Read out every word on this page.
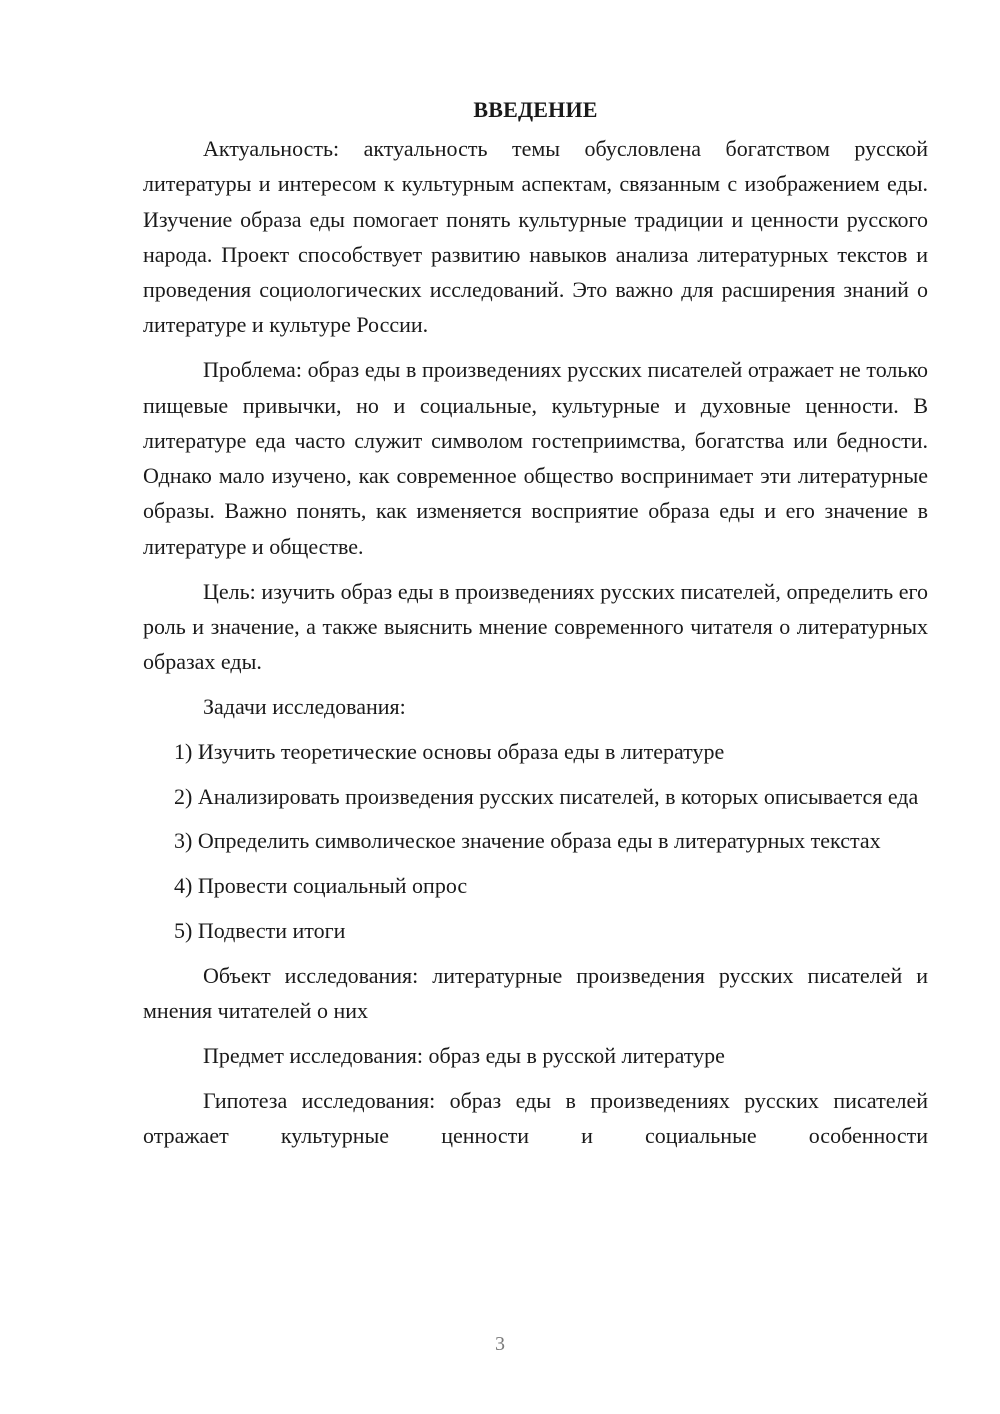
ВВЕДЕНИЕ

Актуальность: актуальность темы обусловлена богатством русской литературы и интересом к культурным аспектам, связанным с изображением еды. Изучение образа еды помогает понять культурные традиции и ценности русского народа. Проект способствует развитию навыков анализа литературных текстов и проведения социологических исследований. Это важно для расширения знаний о литературе и культуре России.

Проблема: образ еды в произведениях русских писателей отражает не только пищевые привычки, но и социальные, культурные и духовные ценности. В литературе еда часто служит символом гостеприимства, богатства или бедности. Однако мало изучено, как современное общество воспринимает эти литературные образы. Важно понять, как изменяется восприятие образа еды и его значение в литературе и обществе.

Цель: изучить образ еды в произведениях русских писателей, определить его роль и значение, а также выяснить мнение современного читателя о литературных образах еды.

Задачи исследования:

1) Изучить теоретические основы образа еды в литературе

2) Анализировать произведения русских писателей, в которых описывается еда

3) Определить символическое значение образа еды в литературных текстах

4) Провести социальный опрос

5) Подвести итоги

Объект исследования: литературные произведения русских писателей и мнения читателей о них

Предмет исследования: образ еды в русской литературе

Гипотеза исследования: образ еды в произведениях русских писателей отражает культурные ценности и социальные особенности

3
